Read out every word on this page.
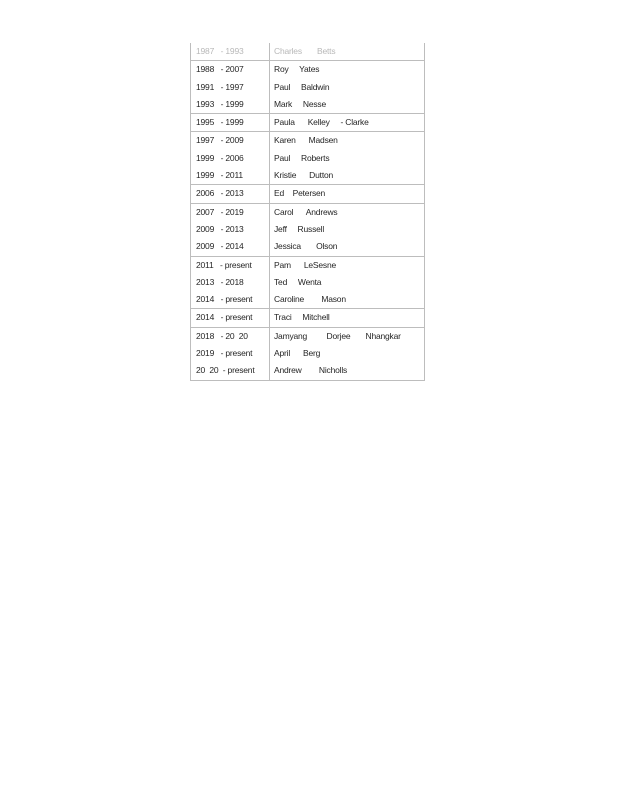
1987   - 1993	Charles       Betts
1988   - 2007	Roy     Yates
1991   - 1997	Paul     Baldwin
1993   - 1999	Mark     Nesse
1995   - 1999	Paula      Kelley     - Clarke
1997   - 2009	Karen      Madsen
1999   - 2006	Paul     Roberts
1999   - 2011	Kristie      Dutton
2006   - 2013	Ed    Petersen
2007   - 2019	Carol      Andrews
2009   - 2013	Jeff     Russell
2009   - 2014	Jessica       Olson
2011   - present	Pam      LeSesne
2013   - 2018	Ted     Wenta
2014   - present	Caroline        Mason
2014   - present	Traci     Mitchell
2018   - 20  20	Jamyang         Dorjee       Nhangkar
2019   - present	April      Berg
20  20  - present Andrew        Nicholls
